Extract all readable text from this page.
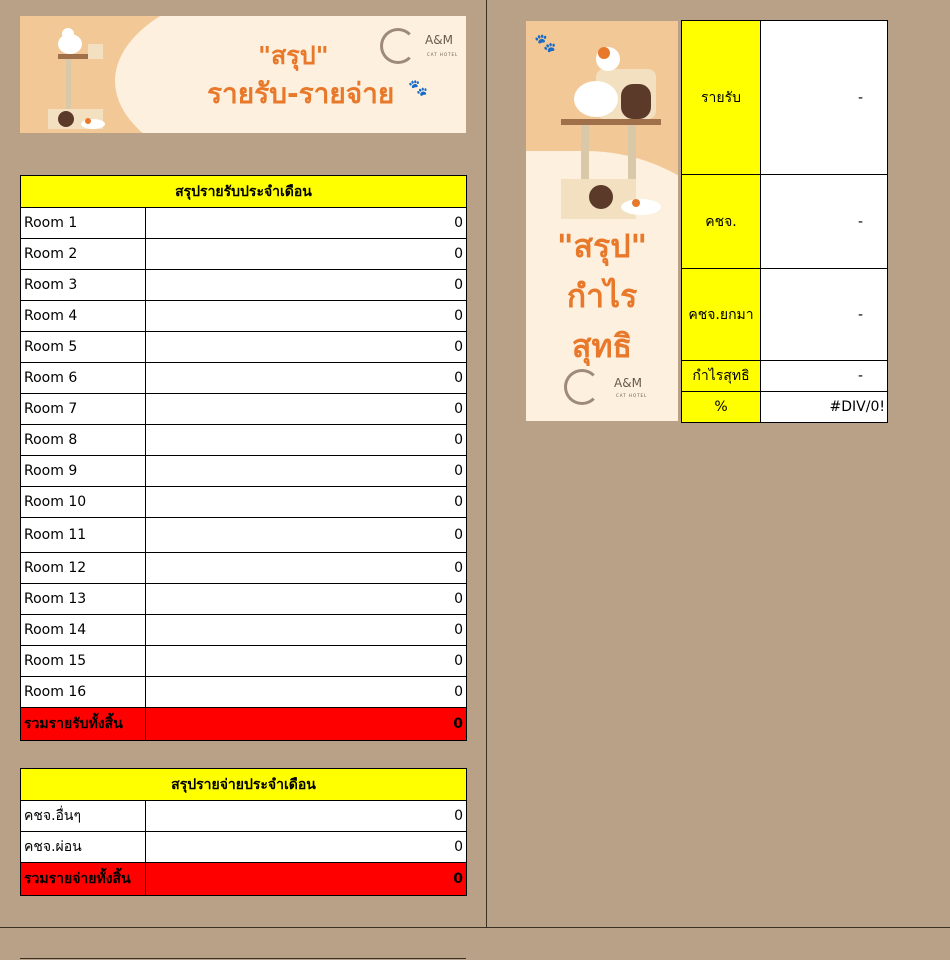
"สรุป"
รายรับ-รายจ่าย
A&M
CAT HOTEL
🐾
สรุปรายรับประจำเดือน	
Room 1	0
Room 2	0
Room 3	0
Room 4	0
Room 5	0
Room 6	0
Room 7	0
Room 8	0
Room 9	0
Room 10	0
Room 11	0
Room 12	0
Room 13	0
Room 14	0
Room 15	0
Room 16	0
รวมรายรับทั้งสิ้น	0
สรุปรายจ่ายประจำเดือน	
คชจ.อื่นๆ	0
คชจ.ผ่อน	0
รวมรายจ่ายทั้งสิ้น	0
🐾
"สรุป"
กำไร
สุทธิ
A&M
CAT HOTEL
รายรับ	-
คชจ.	-
คชจ.ยกมา	-
กำไรสุทธิ	-
%	#DIV/0!
